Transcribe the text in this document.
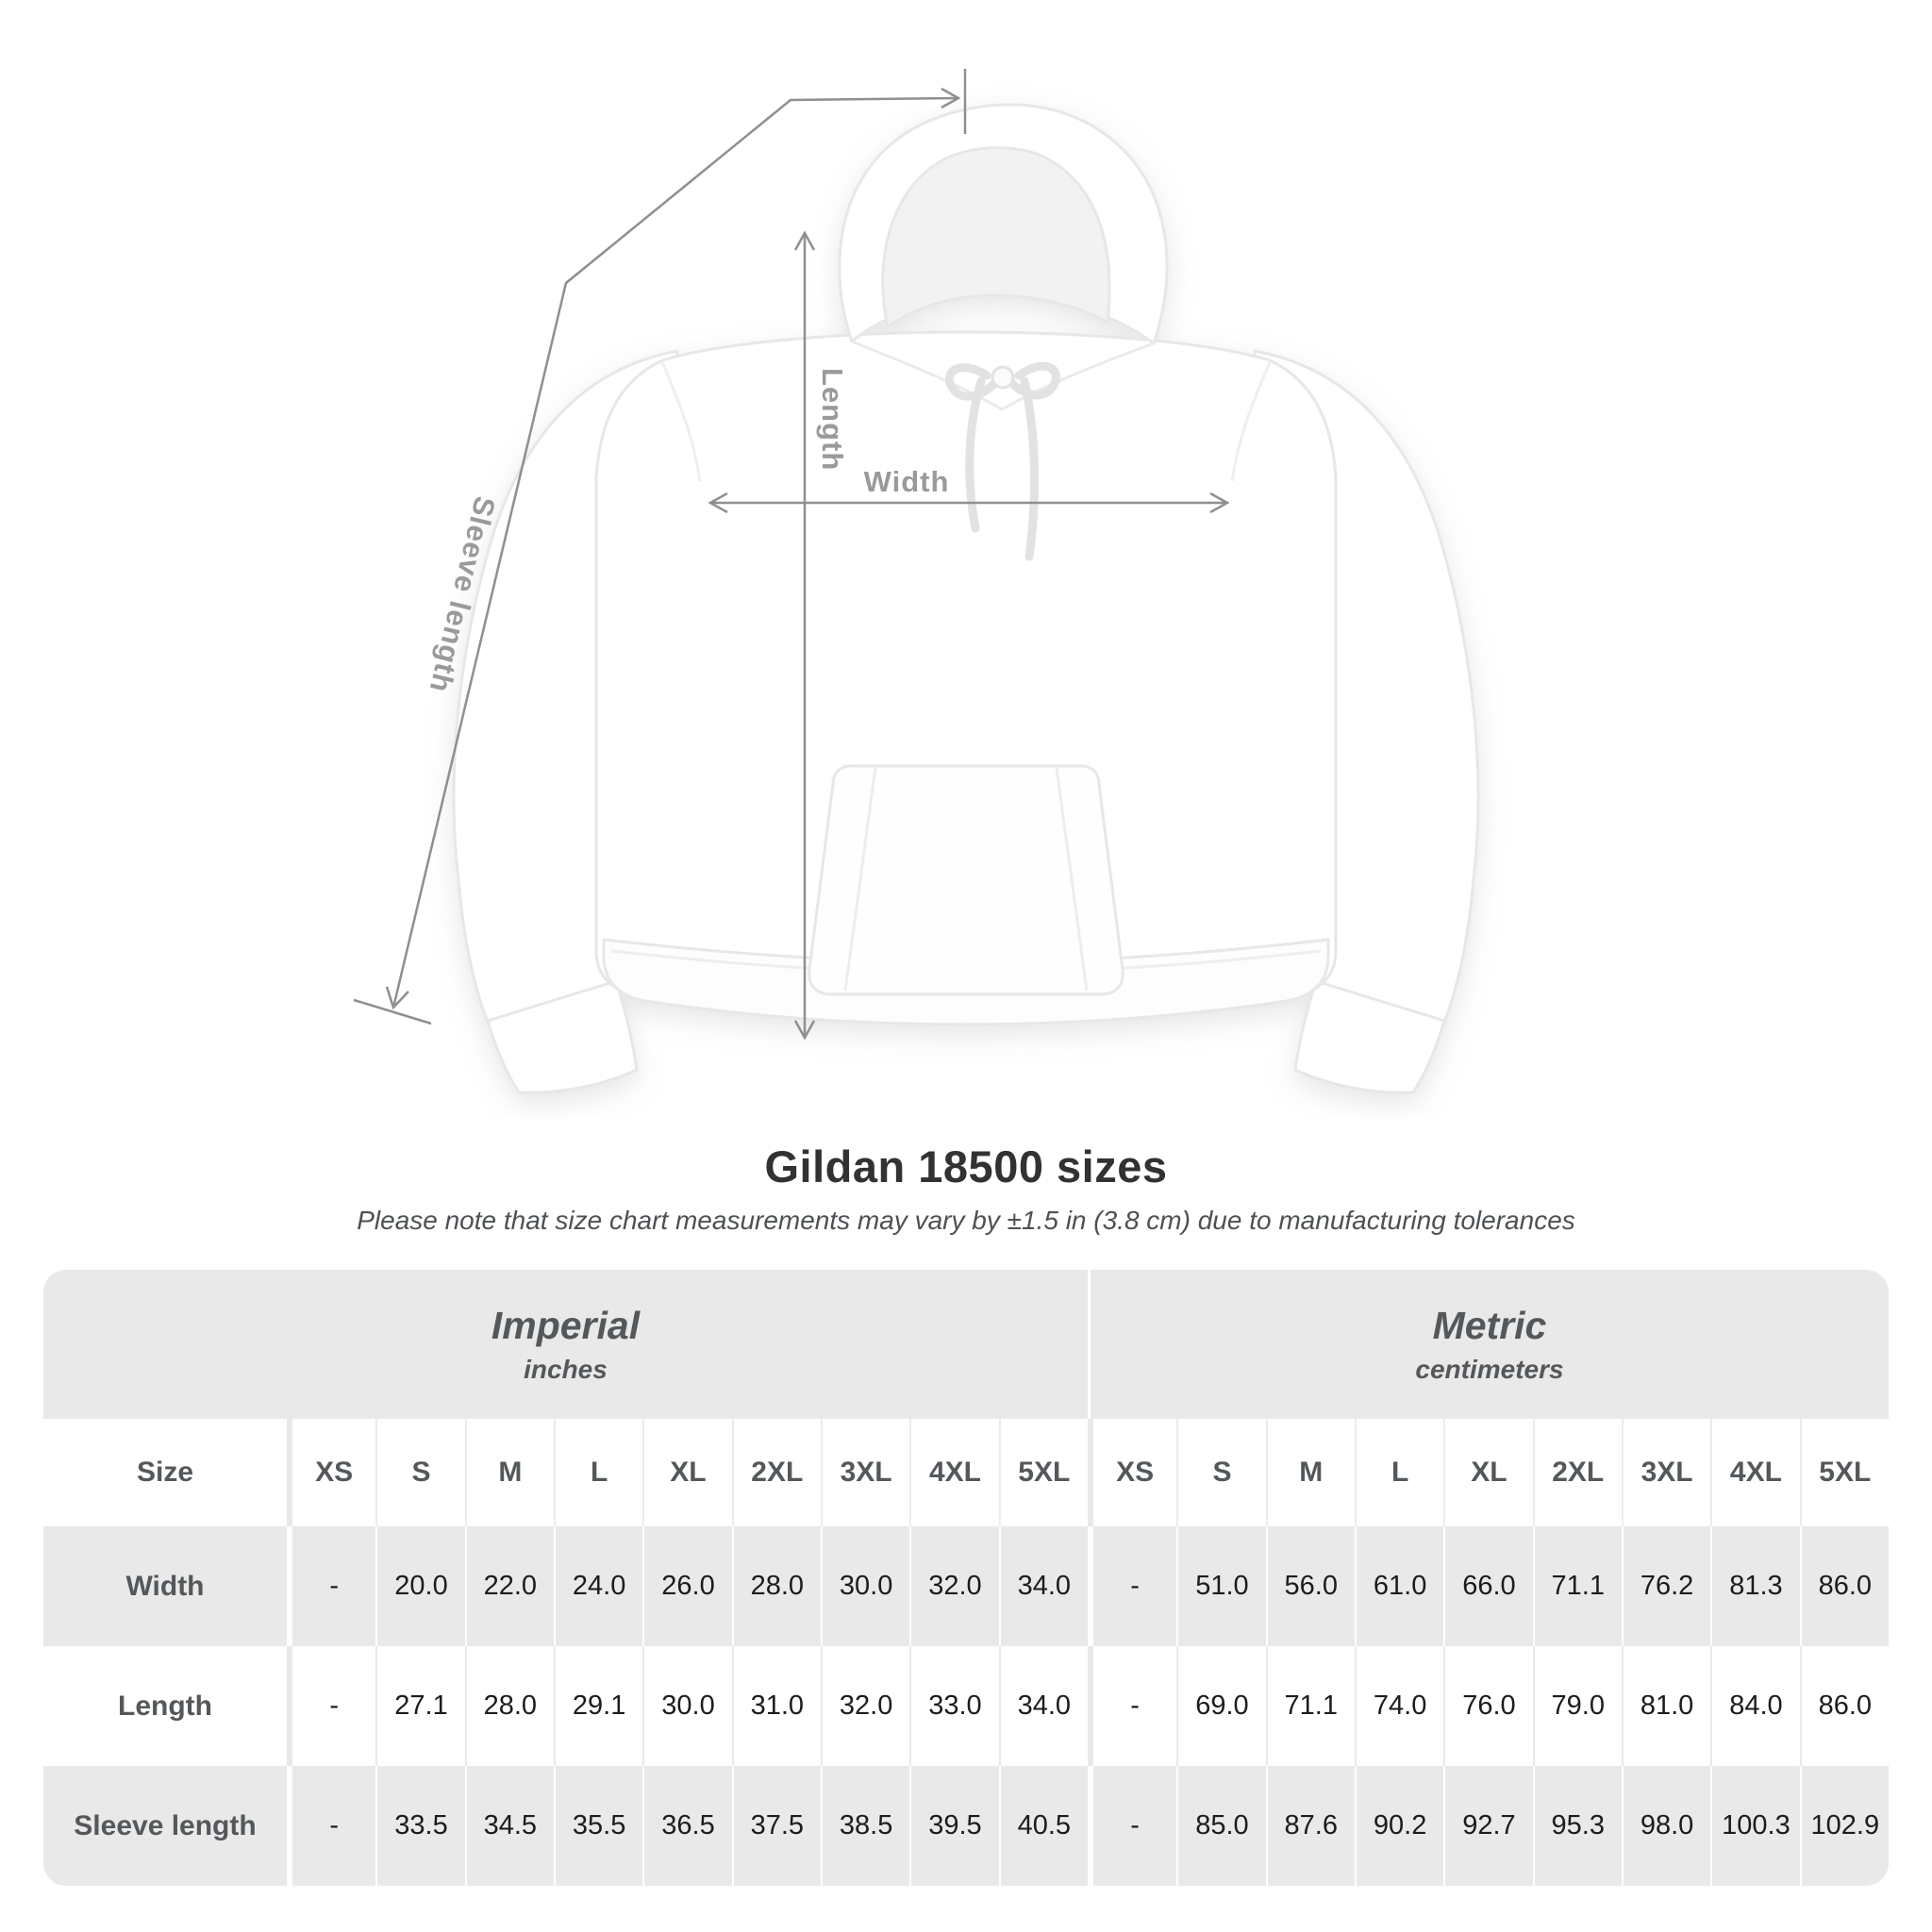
Sleeve length
Length
Width
Gildan 18500 sizes

Please note that size chart measurements may vary by ±1.5 in (3.8 cm) due to manufacturing tolerances

Imperial
inches

Metric
centimeters

Size	XS	S	M	L	XL	2XL	3XL	4XL	5XL	XS	S	M	L	XL	2XL	3XL	4XL	5XL
Width	-	20.0	22.0	24.0	26.0	28.0	30.0	32.0	34.0	-	51.0	56.0	61.0	66.0	71.1	76.2	81.3	86.0
Length	-	27.1	28.0	29.1	30.0	31.0	32.0	33.0	34.0	-	69.0	71.1	74.0	76.0	79.0	81.0	84.0	86.0
Sleeve length	-	33.5	34.5	35.5	36.5	37.5	38.5	39.5	40.5	-	85.0	87.6	90.2	92.7	95.3	98.0	100.3	102.9
